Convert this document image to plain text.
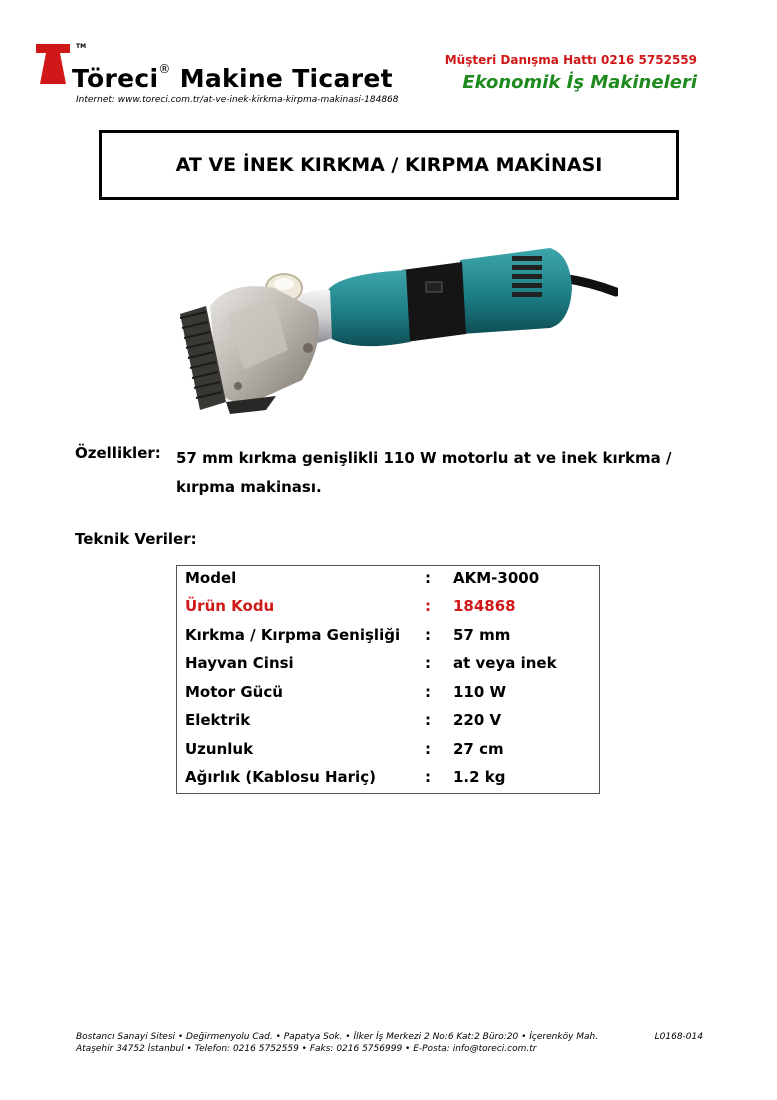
TM
Töreci® Makine Ticaret
Internet: www.toreci.com.tr/at-ve-inek-kirkma-kirpma-makinasi-184868
Müşteri Danışma Hattı 0216 5752559
Ekonomik İş Makineleri
AT VE İNEK KIRKMA / KIRPMA MAKİNASI
Özellikler: 57 mm kırkma genişlikli 110 W motorlu at ve inek kırkma / kırpma makinası.
Teknik Veriler:
Model	: AKM-3000
Ürün Kodu	: 184868
Kırkma / Kırpma Genişliği : 57 mm
Hayvan Cinsi	: at veya inek
Motor Gücü	: 110 W
Elektrik	: 220 V
Uzunluk	: 27 cm
Ağırlık (Kablosu Hariç)	: 1.2 kg
Bostancı Sanayi Sitesi • Değirmenyolu Cad. • Papatya Sok. • İlker İş Merkezi 2 No:6 Kat:2 Büro:20 • İçerenköy Mah.
Ataşehir 34752 İstanbul • Telefon: 0216 5752559 • Faks: 0216 5756999 • E-Posta: info@toreci.com.tr
L0168-014
